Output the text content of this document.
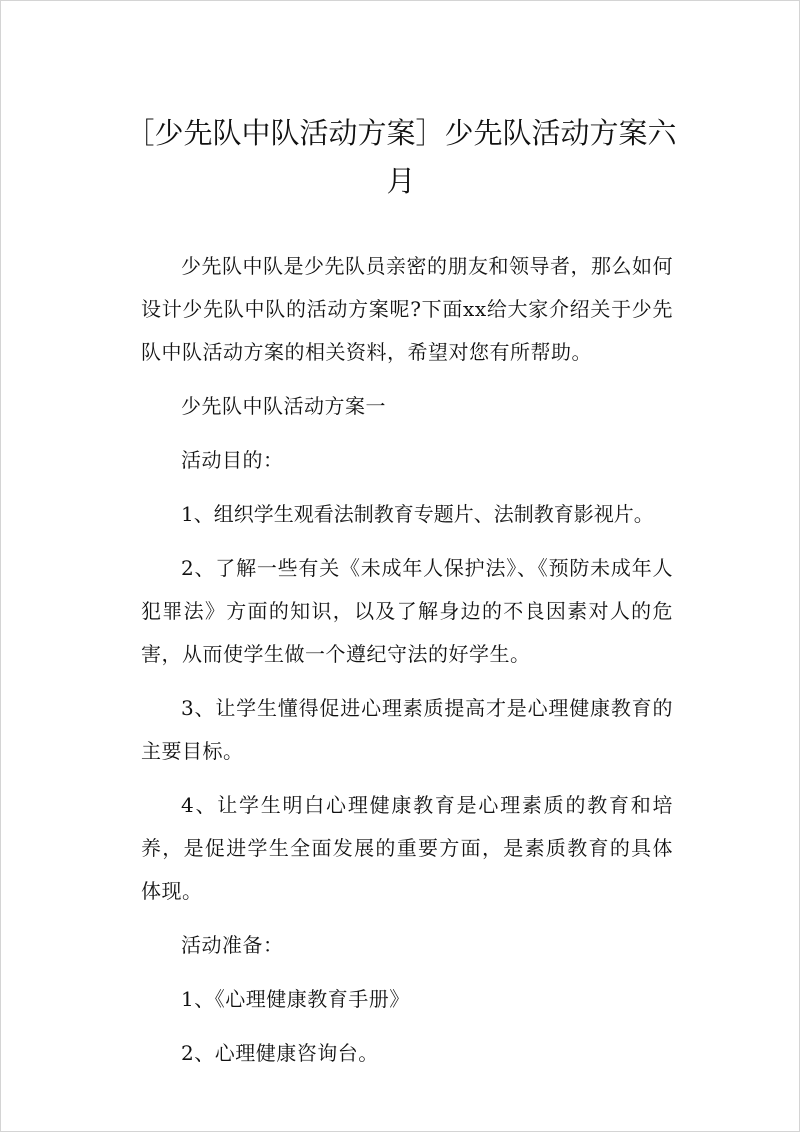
［少先队中队活动方案］少先队活动方案六月

少先队中队是少先队员亲密的朋友和领导者，那么如何设计少先队中队的活动方案呢?下面xx给大家介绍关于少先队中队活动方案的相关资料，希望对您有所帮助。

少先队中队活动方案一

活动目的：

1、组织学生观看法制教育专题片、法制教育影视片。

2、了解一些有关《未成年人保护法》、《预防未成年人犯罪法》方面的知识，以及了解身边的不良因素对人的危害，从而使学生做一个遵纪守法的好学生。

3、让学生懂得促进心理素质提高才是心理健康教育的主要目标。

4、让学生明白心理健康教育是心理素质的教育和培养，是促进学生全面发展的重要方面，是素质教育的具体体现。

活动准备：

1、《心理健康教育手册》

2、心理健康咨询台。
